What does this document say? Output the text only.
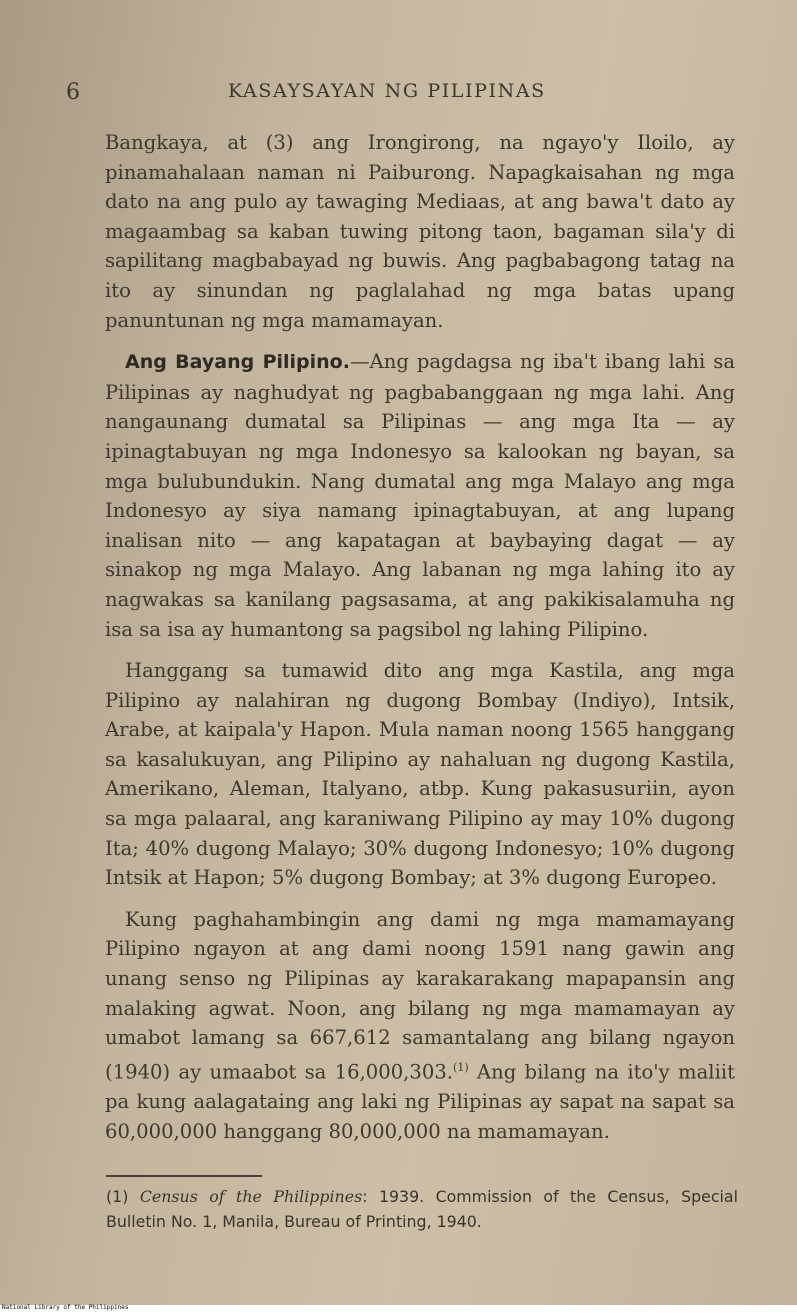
6	KASAYSAYAN NG PILIPINAS

Bangkaya, at (3) ang Irongirong, na ngayo'y Iloilo, ay pinamahalaan naman ni Paiburong. Napagkaisahan ng mga dato na ang pulo ay tawaging Mediaas, at ang bawa't dato ay magaambag sa kaban tuwing pitong taon, bagaman sila'y di sapilitang magbabayad ng buwis. Ang pagbabagong tatag na ito ay sinundan ng paglalahad ng mga batas upang panuntunan ng mga mamamayan.

Ang Bayang Pilipino.—Ang pagdagsa ng iba't ibang lahi sa Pilipinas ay naghudyat ng pagbabanggaan ng mga lahi. Ang nangaunang dumatal sa Pilipinas — ang mga Ita — ay ipinagtabuyan ng mga Indonesyo sa kalookan ng bayan, sa mga bulubundukin. Nang dumatal ang mga Malayo ang mga Indonesyo ay siya namang ipinagtabuyan, at ang lupang inalisan nito — ang kapatagan at baybaying dagat — ay sinakop ng mga Malayo. Ang labanan ng mga lahing ito ay nagwakas sa kanilang pagsasama, at ang pakikisalamuha ng isa sa isa ay humantong sa pagsibol ng lahing Pilipino.

Hanggang sa tumawid dito ang mga Kastila, ang mga Pilipino ay nalahiran ng dugong Bombay (Indiyo), Intsik, Arabe, at kaipala'y Hapon. Mula naman noong 1565 hanggang sa kasalukuyan, ang Pilipino ay nahaluan ng dugong Kastila, Amerikano, Aleman, Italyano, atbp. Kung pakasusuriin, ayon sa mga palaaral, ang karaniwang Pilipino ay may 10% dugong Ita; 40% dugong Malayo; 30% dugong Indonesyo; 10% dugong Intsik at Hapon; 5% dugong Bombay; at 3% dugong Europeo.

Kung paghahambingin ang dami ng mga mamamayang Pilipino ngayon at ang dami noong 1591 nang gawin ang unang senso ng Pilipinas ay karakarakang mapapansin ang malaking agwat. Noon, ang bilang ng mga mamamayan ay umabot lamang sa 667,612 samantalang ang bilang ngayon (1940) ay umaabot sa 16,000,303.$^{(1)}$ Ang bilang na ito'y maliit pa kung aalagataing ang laki ng Pilipinas ay sapat na sapat sa 60,000,000 hanggang 80,000,000 na mamamayan.

(1) Census of the Philippines: 1939. Commission of the Census, Special Bulletin No. 1, Manila, Bureau of Printing, 1940.
National Library of the Philippines
